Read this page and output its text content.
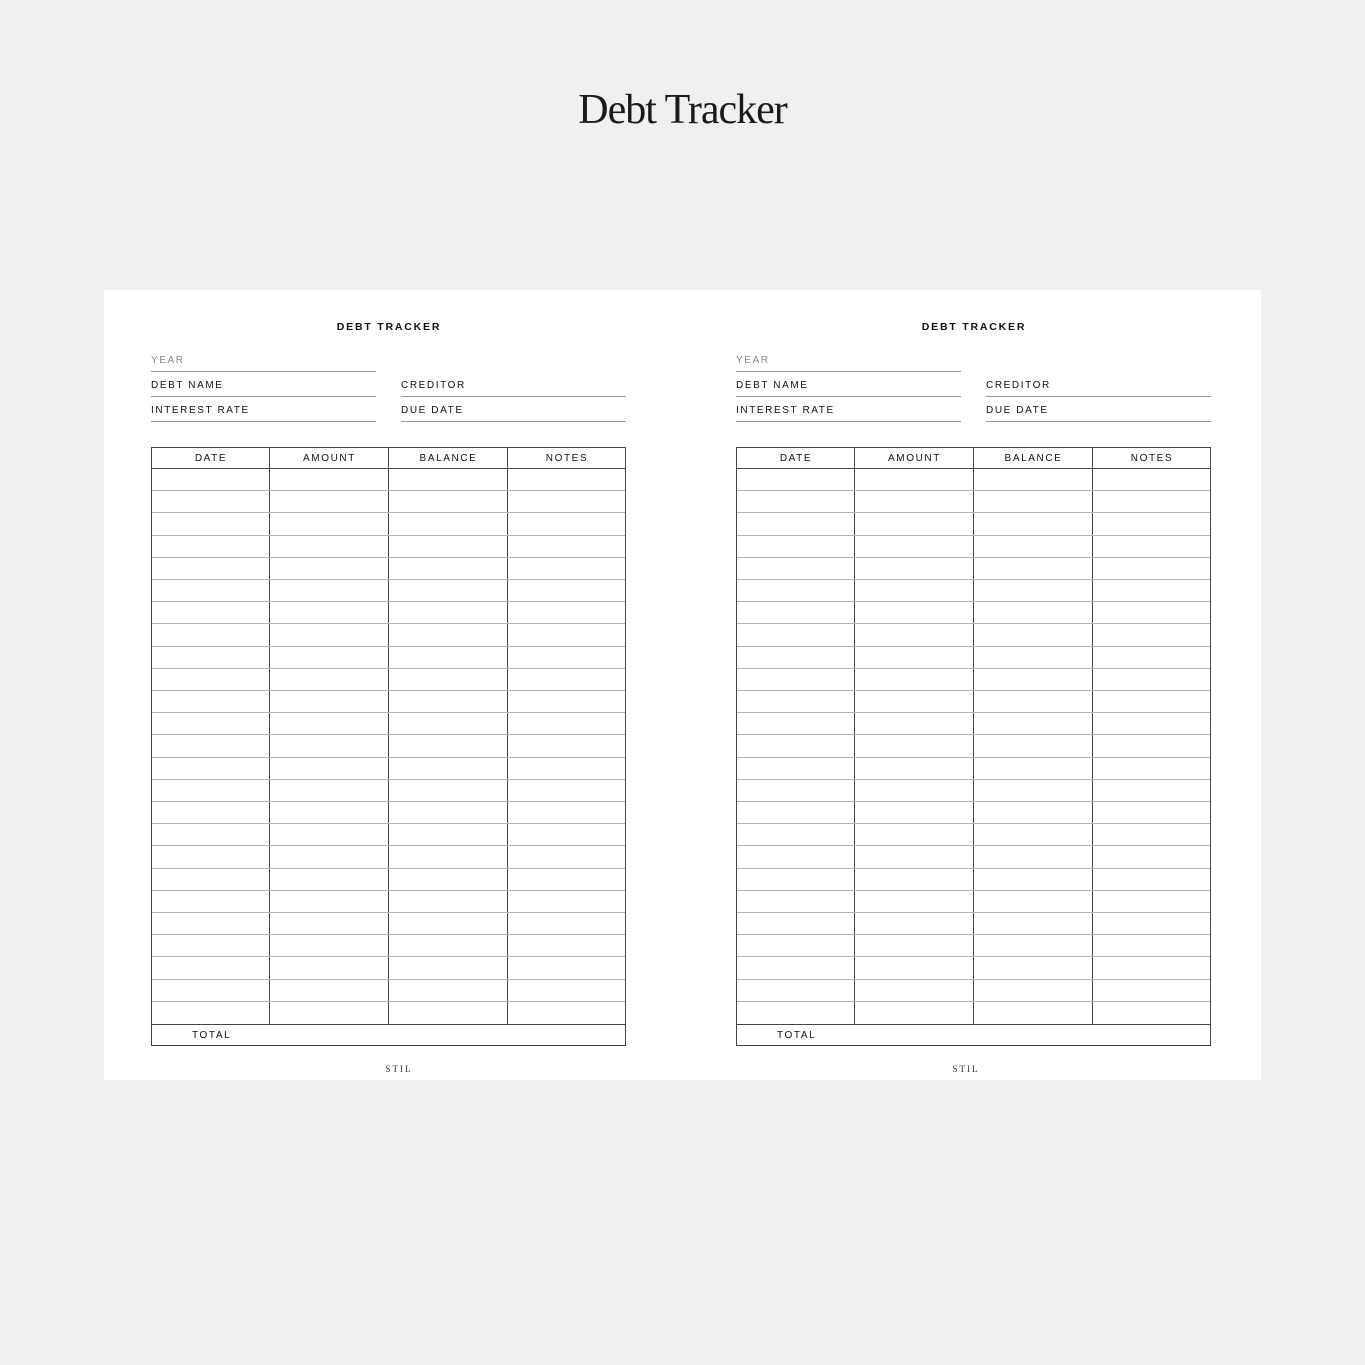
Debt Tracker
DEBT TRACKER
YEAR
DEBT NAME	CREDITOR
INTEREST RATE	DUE DATE
DATE	AMOUNT	BALANCE	NOTES
TOTAL
STIL
DEBT TRACKER
YEAR
DEBT NAME	CREDITOR
INTEREST RATE	DUE DATE
DATE	AMOUNT	BALANCE	NOTES
TOTAL
STIL
